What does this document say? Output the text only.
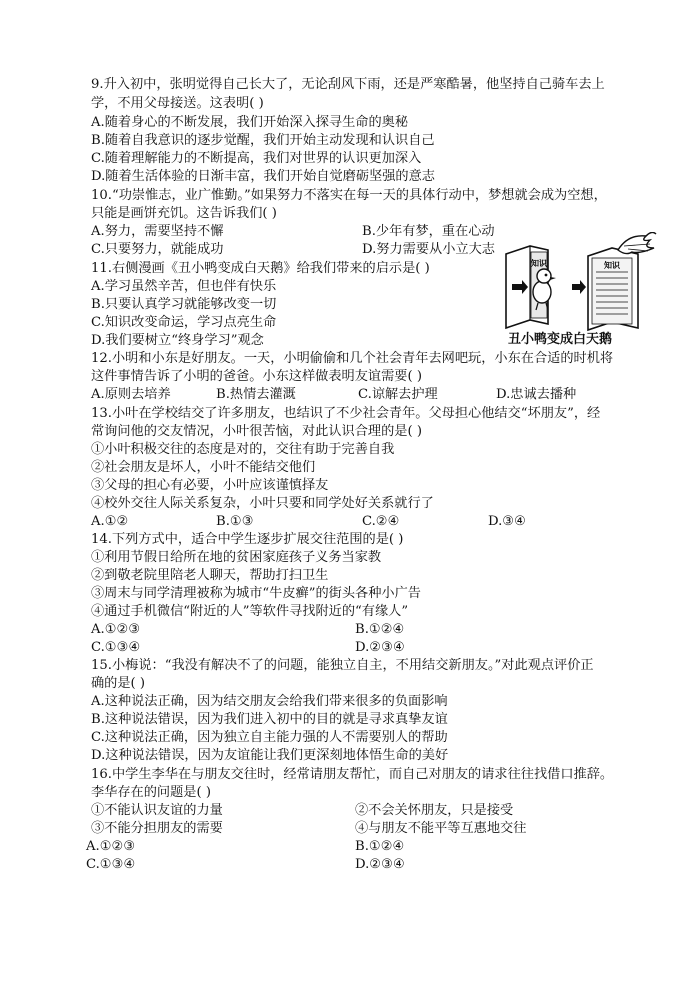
9.升入初中，张明觉得自己长大了，无论刮风下雨，还是严寒酷暑，他坚持自己骑车去上
学，不用父母接送。这表明( )
A.随着身心的不断发展，我们开始深入探寻生命的奥秘
B.随着自我意识的逐步觉醒，我们开始主动发现和认识自己
C.随着理解能力的不断提高，我们对世界的认识更加深入
D.随着生活体验的日渐丰富，我们开始自觉磨砺坚强的意志
10.“功崇惟志，业广惟勤。”如果努力不落实在每一天的具体行动中，梦想就会成为空想，
只能是画饼充饥。这告诉我们( )
A.努力，需要坚持不懈	B.少年有梦，重在心动
C.只要努力，就能成功	D.努力需要从小立大志
11.右侧漫画《丑小鸭变成白天鹅》给我们带来的启示是( )
A.学习虽然辛苦，但也伴有快乐
B.只要认真学习就能够改变一切
C.知识改变命运，学习点亮生命
D.我们要树立“终身学习”观念
知识	知识
丑小鸭变成白天鹅
12.小明和小东是好朋友。一天，小明偷偷和几个社会青年去网吧玩，小东在合适的时机将
这件事情告诉了小明的爸爸。小东这样做表明友谊需要( )
A.原则去培养	B.热情去灌溉	C.谅解去护理	D.忠诚去播种
13.小叶在学校结交了许多朋友，也结识了不少社会青年。父母担心他结交“坏朋友”，经
常询问他的交友情况，小叶很苦恼，对此认识合理的是( )
①小叶积极交往的态度是对的，交往有助于完善自我
②社会朋友是坏人，小叶不能结交他们
③父母的担心有必要，小叶应该谨慎择友
④校外交往人际关系复杂，小叶只要和同学处好关系就行了
A.①②	B.①③	C.②④	D.③④
14.下列方式中，适合中学生逐步扩展交往范围的是( )
①利用节假日给所在地的贫困家庭孩子义务当家教
②到敬老院里陪老人聊天，帮助打扫卫生
③周末与同学清理被称为城市“牛皮癣”的街头各种小广告
④通过手机微信“附近的人”等软件寻找附近的“有缘人”
A.①②③	B.①②④
C.①③④	D.②③④
15.小梅说：“我没有解决不了的问题，能独立自主，不用结交新朋友。”对此观点评价正
确的是( )
A.这种说法正确，因为结交朋友会给我们带来很多的负面影响
B.这种说法错误，因为我们进入初中的目的就是寻求真挚友谊
C.这种说法正确，因为独立自主能力强的人不需要别人的帮助
D.这种说法错误，因为友谊能让我们更深刻地体悟生命的美好
16.中学生李华在与朋友交往时，经常请朋友帮忙，而自己对朋友的请求往往找借口推辞。
李华存在的问题是( )
①不能认识友谊的力量	②不会关怀朋友，只是接受
③不能分担朋友的需要	④与朋友不能平等互惠地交往
A.①②③	B.①②④
C.①③④	D.②③④
